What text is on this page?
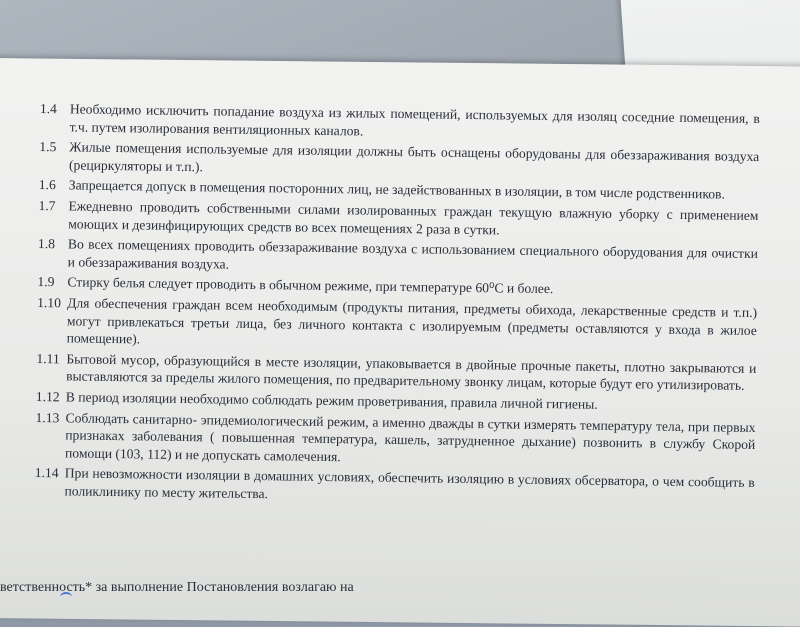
1.4 Необходимо исключить попадание воздуха из жилых помещений, используемых для изоляц соседние помещения, в т.ч. путем изолирования вентиляционных каналов.
1.5 Жилые помещения используемые для изоляции должны быть оснащены оборудованы для обеззараживания воздуха (рециркуляторы и т.п.).
1.6 Запрещается допуск в помещения посторонних лиц, не задействованных в изоляции, в том числе родственников.
1.7 Ежедневно проводить собственными силами изолированных граждан текущую влажную уборку с применением моющих и дезинфицирующих средств во всех помещениях 2 раза в сутки.
1.8 Во всех помещениях проводить обеззараживание воздуха с использованием специального оборудования для очистки и обеззараживания воздуха.
1.9 Стирку белья следует проводить в обычном режиме, при температуре 60⁰С и более.
1.10 Для обеспечения граждан всем необходимым (продукты питания, предметы обихода, лекарственные средств и т.п.) могут привлекаться третьи лица, без личного контакта с изолируемым (предметы оставляются у входа в жилое помещение).
1.11 Бытовой мусор, образующийся в месте изоляции, упаковывается в двойные прочные пакеты, плотно закрываются и выставляются за пределы жилого помещения, по предварительному звонку лицам, которые будут его утилизировать.
1.12 В период изоляции необходимо соблюдать режим проветривания, правила личной гигиены.
1.13 Соблюдать санитарно- эпидемиологический режим, а именно дважды в сутки измерять температуру тела, при первых признаках заболевания ( повышенная температура, кашель, затрудненное дыхание) позвонить в службу Скорой помощи (103, 112) и не допускать самолечения.
1.14 При невозможности изоляции в домашних условиях, обеспечить изоляцию в условиях обсерватора, о чем сообщить в поликлинику по месту жительства.
ветственность* за выполнение Постановления возлагаю на
